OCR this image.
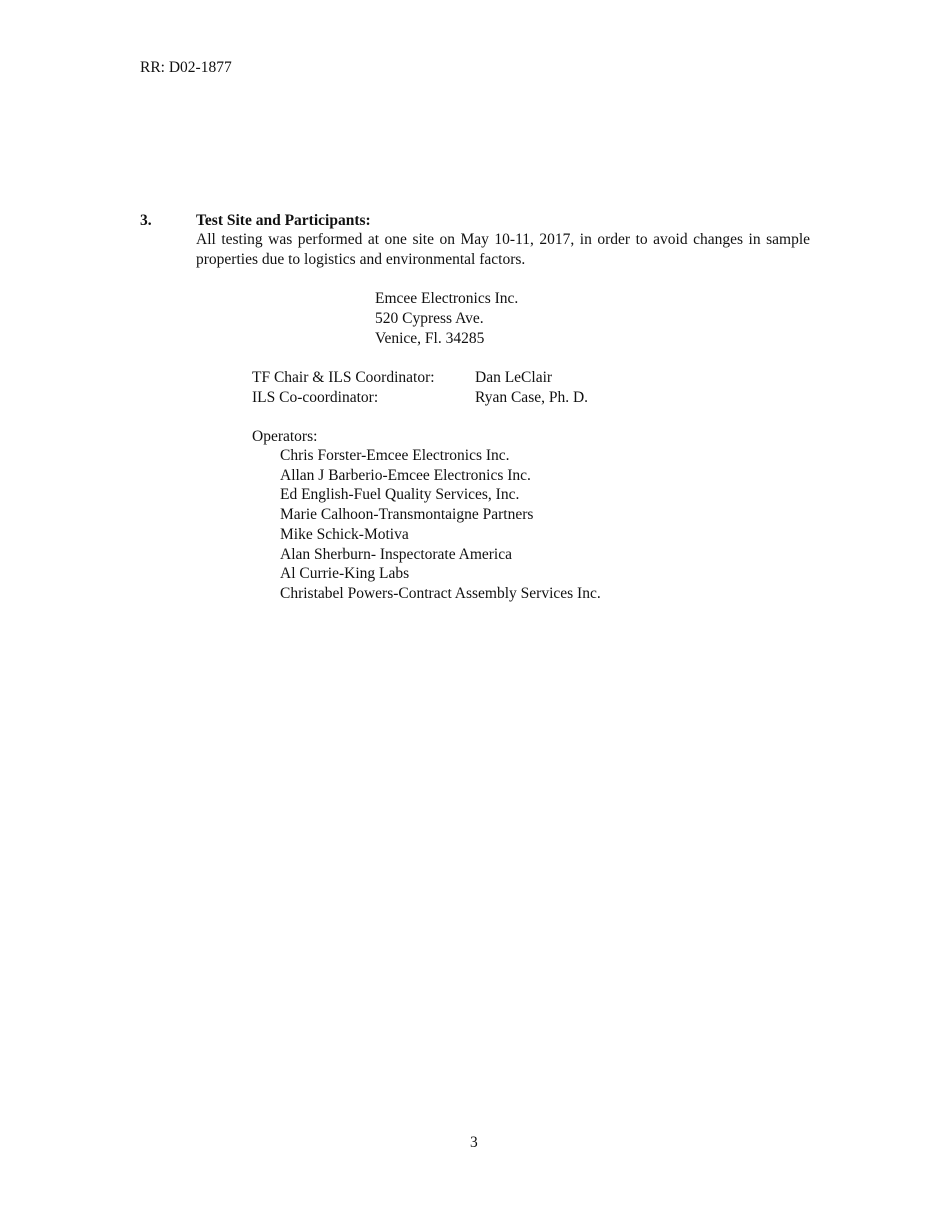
RR: D02-1877
3.	Test Site and Participants:
All testing was performed at one site on May 10-11, 2017, in order to avoid changes in sample properties due to logistics and environmental factors.
Emcee Electronics Inc.
520 Cypress Ave.
Venice, Fl. 34285
TF Chair & ILS Coordinator:	Dan LeClair
ILS Co-coordinator:	Ryan Case, Ph. D.
Operators:
Chris Forster-Emcee Electronics Inc.
Allan J Barberio-Emcee Electronics Inc.
Ed English-Fuel Quality Services, Inc.
Marie Calhoon-Transmontaigne Partners
Mike Schick-Motiva
Alan Sherburn- Inspectorate America
Al Currie-King Labs
Christabel Powers-Contract Assembly Services Inc.
3
